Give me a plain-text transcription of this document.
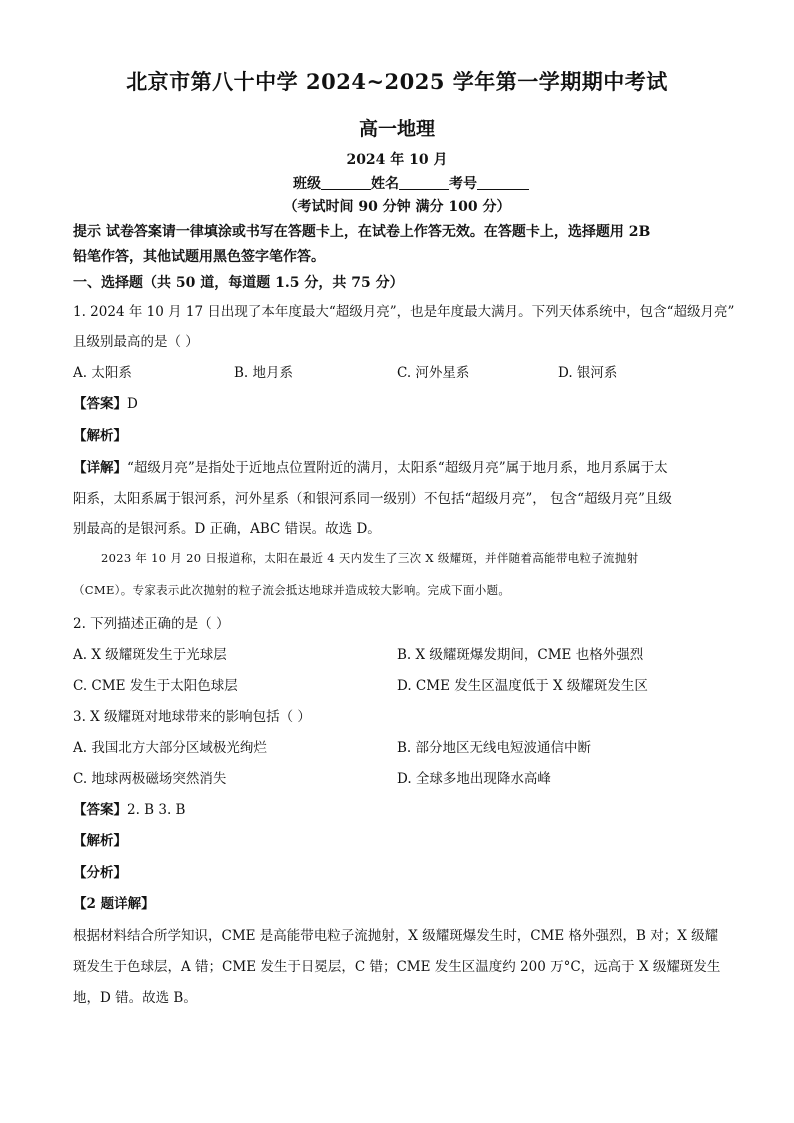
北京市第八十中学 2024~2025 学年第一学期期中考试
高一地理
2024 年 10 月
班级	姓名	考号
（考试时间 90 分钟 满分 100 分）
提示 试卷答案请一律填涂或书写在答题卡上，在试卷上作答无效。在答题卡上，选择题用 2B
铅笔作答，其他试题用黑色签字笔作答。
一、选择题（共 50 道，每道题 1.5 分，共 75 分）
1. 2024 年 10 月 17 日出现了本年度最大“超级月亮”，也是年度最大满月。下列天体系统中，包含“超级月亮”
且级别最高的是（ ）
A. 太阳系	B. 地月系	C. 河外星系	D. 银河系
【答案】D
【解析】
【详解】“超级月亮”是指处于近地点位置附近的满月，太阳系“超级月亮”属于地月系，地月系属于太
阳系，太阳系属于银河系，河外星系（和银河系同一级别）不包括“超级月亮”， 包含“超级月亮”且级
别最高的是银河系。D 正确，ABC 错误。故选 D。
2023 年 10 月 20 日报道称，太阳在最近 4 天内发生了三次 X 级耀斑，并伴随着高能带电粒子流抛射
（CME）。专家表示此次抛射的粒子流会抵达地球并造成较大影响。完成下面小题。
2. 下列描述正确的是（ ）
A. X 级耀斑发生于光球层	B. X 级耀斑爆发期间，CME 也格外强烈
C. CME 发生于太阳色球层	D. CME 发生区温度低于 X 级耀斑发生区
3. X 级耀斑对地球带来的影响包括（ ）
A. 我国北方大部分区域极光绚烂	B. 部分地区无线电短波通信中断
C. 地球两极磁场突然消失	D. 全球多地出现降水高峰
【答案】2. B 3. B
【解析】
【分析】
【2 题详解】
根据材料结合所学知识，CME 是高能带电粒子流抛射，X 级耀斑爆发生时，CME 格外强烈，B 对；X 级耀
斑发生于色球层，A 错；CME 发生于日冕层，C 错；CME 发生区温度约 200 万°C，远高于 X 级耀斑发生
地，D 错。故选 B。
